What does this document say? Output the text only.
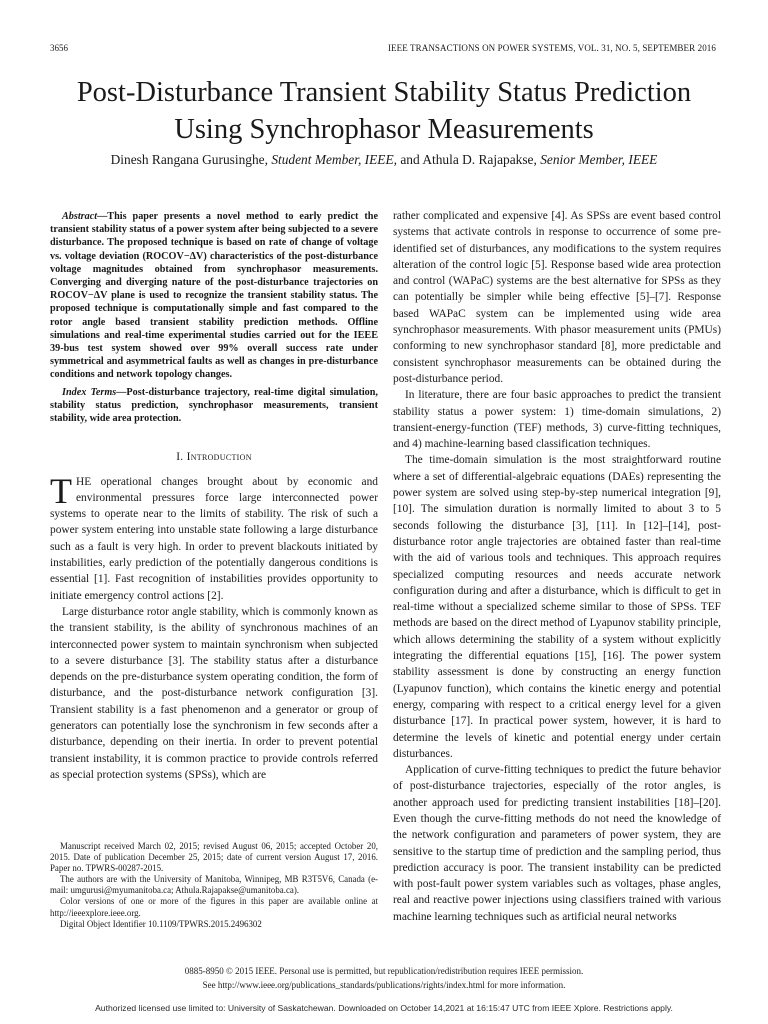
3656	IEEE TRANSACTIONS ON POWER SYSTEMS, VOL. 31, NO. 5, SEPTEMBER 2016
Post-Disturbance Transient Stability Status Prediction
Using Synchrophasor Measurements
Dinesh Rangana Gurusinghe, Student Member, IEEE, and Athula D. Rajapakse, Senior Member, IEEE
Abstract—This paper presents a novel method to early predict the transient stability status of a power system after being subjected to a severe disturbance. The proposed technique is based on rate of change of voltage vs. voltage deviation (ROCOV−ΔV) characteristics of the post-disturbance voltage magnitudes obtained from synchrophasor measurements. Converging and diverging nature of the post-disturbance trajectories on ROCOV−ΔV plane is used to recognize the transient stability status. The proposed technique is computationally simple and fast compared to the rotor angle based transient stability prediction methods. Offline simulations and real-time experimental studies carried out for the IEEE 39-bus test system showed over 99% overall success rate under symmetrical and asymmetrical faults as well as changes in pre-disturbance conditions and network topology changes.
Index Terms—Post-disturbance trajectory, real-time digital simulation, stability status prediction, synchrophasor measurements, transient stability, wide area protection.
I. Introduction

THE operational changes brought about by economic and environmental pressures force large interconnected power systems to operate near to the limits of stability. The risk of such a power system entering into unstable state following a large disturbance such as a fault is very high. In order to prevent blackouts initiated by instabilities, early prediction of the potentially dangerous conditions is essential [1]. Fast recognition of instabilities provides opportunity to initiate emergency control actions [2].

Large disturbance rotor angle stability, which is commonly known as the transient stability, is the ability of synchronous machines of an interconnected power system to maintain synchronism when subjected to a severe disturbance [3]. The stability status after a disturbance depends on the pre-disturbance system operating condition, the form of disturbance, and the post-disturbance network configuration [3]. Transient stability is a fast phenomenon and a generator or group of generators can potentially lose the synchronism in few seconds after a disturbance, depending on their inertia. In order to prevent potential transient instability, it is common practice to provide controls referred as special protection systems (SPSs), which are

Manuscript received March 02, 2015; revised August 06, 2015; accepted October 20, 2015. Date of publication December 25, 2015; date of current version August 17, 2016. Paper no. TPWRS-00287-2015.

The authors are with the University of Manitoba, Winnipeg, MB R3T5V6, Canada (e-mail: umgurusi@myumanitoba.ca; Athula.Rajapakse@umanitoba.ca).

Color versions of one or more of the figures in this paper are available online at http://ieeexplore.ieee.org.

Digital Object Identifier 10.1109/TPWRS.2015.2496302

rather complicated and expensive [4]. As SPSs are event based control systems that activate controls in response to occurrence of some pre-identified set of disturbances, any modifications to the system requires alteration of the control logic [5]. Response based wide area protection and control (WAPaC) systems are the best alternative for SPSs as they can potentially be simpler while being effective [5]–[7]. Response based WAPaC system can be implemented using wide area synchrophasor measurements. With phasor measurement units (PMUs) conforming to new synchrophasor standard [8], more predictable and consistent synchrophasor measurements can be obtained during the post-disturbance period.

In literature, there are four basic approaches to predict the transient stability status a power system: 1) time-domain simulations, 2) transient-energy-function (TEF) methods, 3) curve-fitting techniques, and 4) machine-learning based classification techniques.

The time-domain simulation is the most straightforward routine where a set of differential-algebraic equations (DAEs) representing the power system are solved using step-by-step numerical integration [9], [10]. The simulation duration is normally limited to about 3 to 5 seconds following the disturbance [3], [11]. In [12]–[14], post-disturbance rotor angle trajectories are obtained faster than real-time with the aid of various tools and techniques. This approach requires specialized computing resources and needs accurate network configuration during and after a disturbance, which is difficult to get in real-time without a specialized scheme similar to those of SPSs. TEF methods are based on the direct method of Lyapunov stability principle, which allows determining the stability of a system without explicitly integrating the differential equations [15], [16]. The power system stability assessment is done by constructing an energy function (Lyapunov function), which contains the kinetic energy and potential energy, comparing with respect to a critical energy level for a given disturbance [17]. In practical power system, however, it is hard to determine the levels of kinetic and potential energy under certain disturbances.

Application of curve-fitting techniques to predict the future behavior of post-disturbance trajectories, especially of the rotor angles, is another approach used for predicting transient instabilities [18]–[20]. Even though the curve-fitting methods do not need the knowledge of the network configuration and parameters of power system, they are sensitive to the startup time of prediction and the sampling period, thus prediction accuracy is poor. The transient instability can be predicted with post-fault power system variables such as voltages, phase angles, real and reactive power injections using classifiers trained with various machine learning techniques such as artificial neural networks

0885-8950 © 2015 IEEE. Personal use is permitted, but republication/redistribution requires IEEE permission.
See http://www.ieee.org/publications_standards/publications/rights/index.html for more information.
Authorized licensed use limited to: University of Saskatchewan. Downloaded on October 14,2021 at 16:15:47 UTC from IEEE Xplore. Restrictions apply.
